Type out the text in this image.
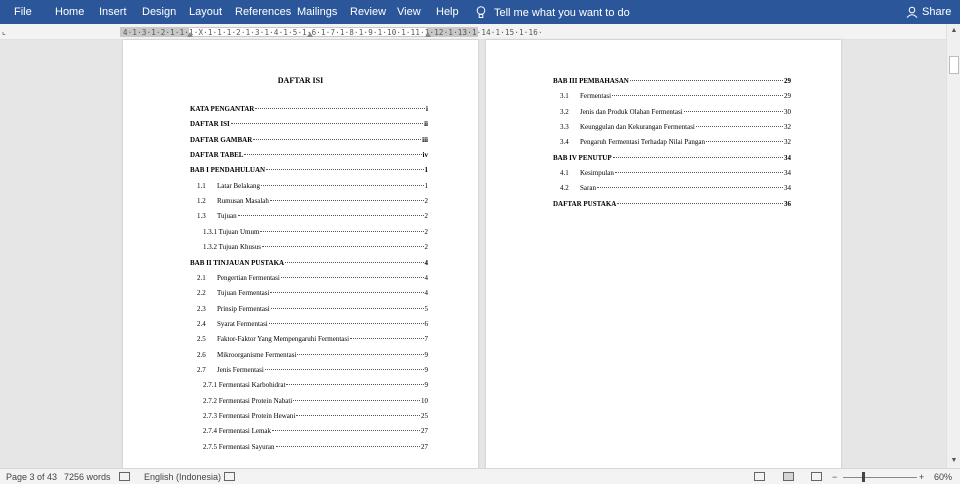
File Home Insert Design Layout References Mailings Review View Help	Tell me what you want to do	Share
⌞	4·1·3·1·2·1·1·1·X·1·1·1·2·1·3·1·4·1·5·1·6·1·7·1·8·1·9·1·10·1·11·1·12·1·13·1·14·1·15·1·16·
DAFTAR ISI
KATA PENGANTAR	i
DAFTAR ISI	ii
DAFTAR GAMBAR	iii
DAFTAR TABEL	iv
BAB I PENDAHULUAN	1
1.1	Latar Belakang	1
1.2	Rumusan Masalah	2
1.3	Tujuan	2
1.3.1 Tujuan Umum	2
1.3.2 Tujuan Khusus	2
BAB II TINJAUAN PUSTAKA	4
2.1	Pengertian Fermentasi	4
2.2	Tujuan Fermentasi	4
2.3	Prinsip Fermentasi	5
2.4	Syarat Fermentasi	6
2.5	Faktor-Faktor Yang Mempengaruhi Fermentasi	7
2.6	Mikroorganisme Fermentasi	9
2.7	Jenis Fermentasi	9
2.7.1 Fermentasi Karbohidrat	9
2.7.2 Fermentasi Protein Nabati	10
2.7.3 Fermentasi Protein Hewani	25
2.7.4 Fermentasi Lemak	27
2.7.5 Fermentasi Sayuran	27
BAB III PEMBAHASAN	29
3.1	Fermentasi	29
3.2	Jenis dan Produk Olahan Fermentasi	30
3.3	Keunggulan dan Kekurangan Fermentasi	32
3.4	Pengaruh Fermentasi Terhadap Nilai Pangan	32
BAB IV PENUTUP	34
4.1	Kesimpulan	34
4.2	Saran	34
DAFTAR PUSTAKA	36
▲
▼
Page 3 of 43 7256 words	English (Indonesia)	−	+ 60%
